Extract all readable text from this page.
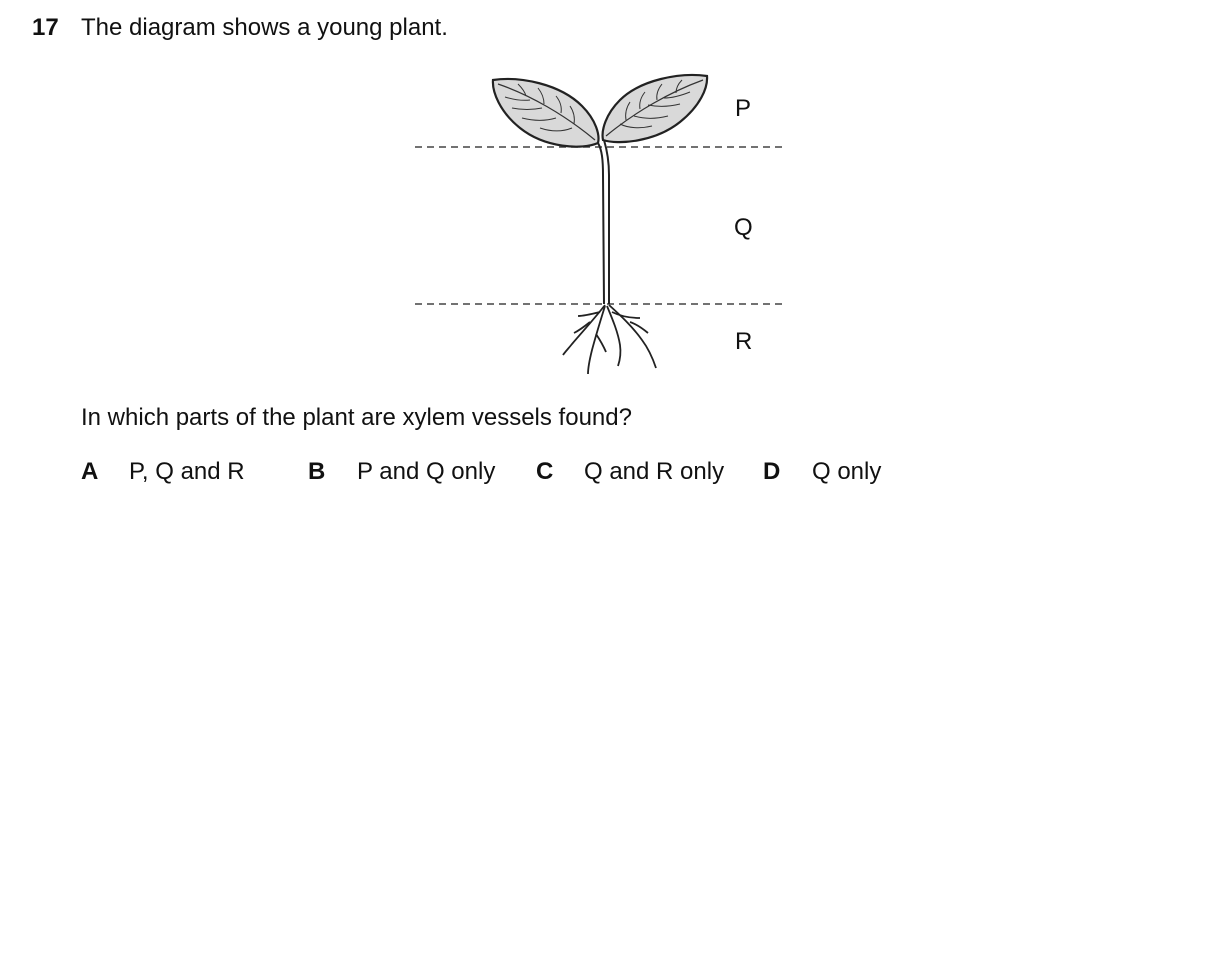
17 The diagram shows a young plant.
P
Q
R
In which parts of the plant are xylem vessels found?
A P, Q and R	B P and Q only C Q and R only D Q only
